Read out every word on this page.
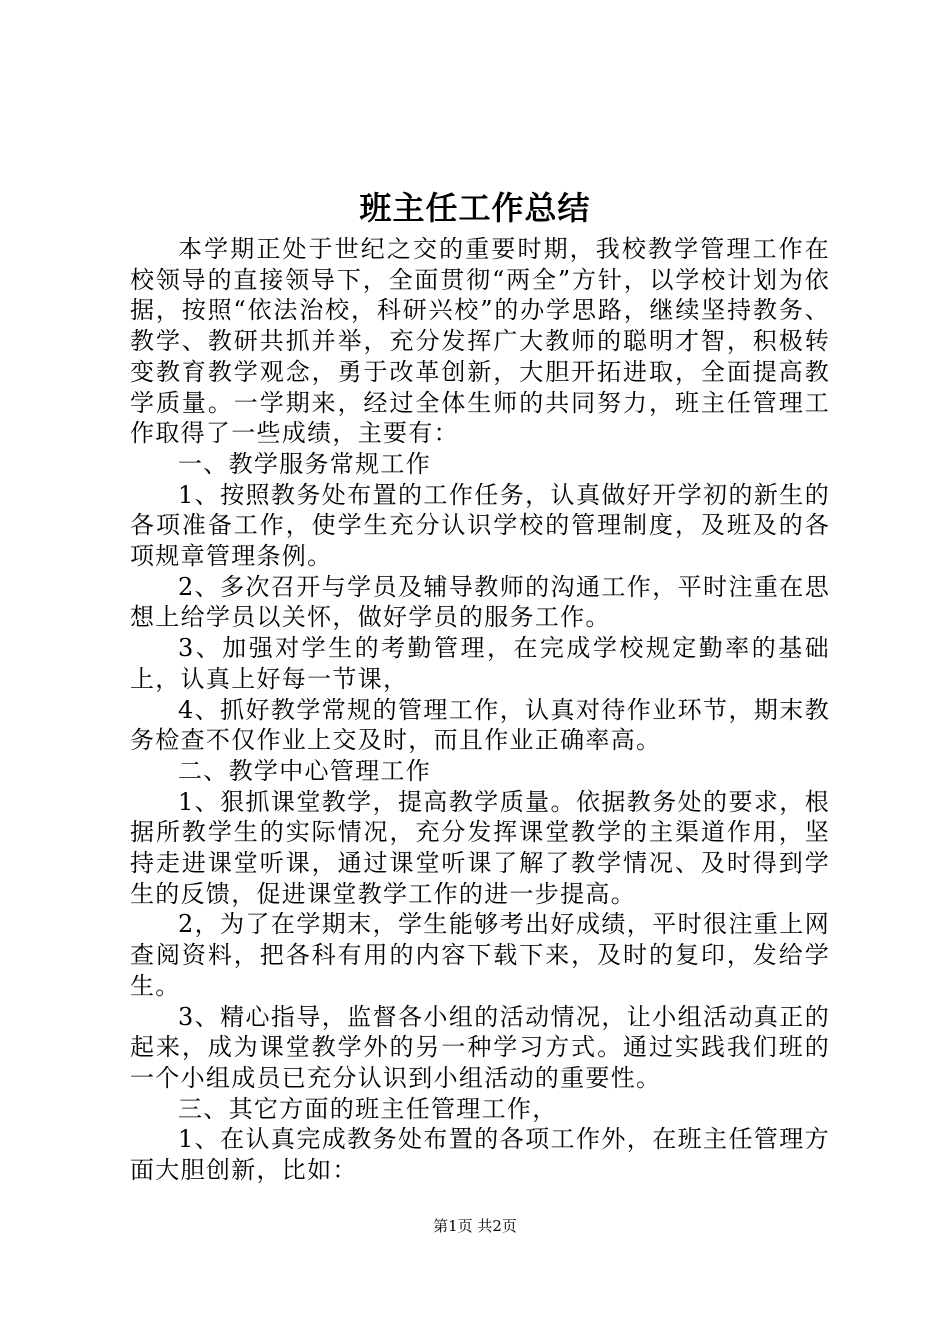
班主任工作总结

本学期正处于世纪之交的重要时期，我校教学管理工作在校领导的直接领导下，全面贯彻“两全”方针，以学校计划为依据，按照“依法治校，科研兴校”的办学思路，继续坚持教务、教学、教研共抓并举，充分发挥广大教师的聪明才智，积极转变教育教学观念，勇于改革创新，大胆开拓进取，全面提高教学质量。一学期来，经过全体生师的共同努力，班主任管理工作取得了一些成绩，主要有：

一、教学服务常规工作

1、按照教务处布置的工作任务，认真做好开学初的新生的各项准备工作，使学生充分认识学校的管理制度，及班及的各项规章管理条例。

2、多次召开与学员及辅导教师的沟通工作，平时注重在思想上给学员以关怀，做好学员的服务工作。

3、加强对学生的考勤管理，在完成学校规定勤率的基础上，认真上好每一节课，

4、抓好教学常规的管理工作，认真对待作业环节，期末教务检查不仅作业上交及时，而且作业正确率高。

二、教学中心管理工作

1、狠抓课堂教学，提高教学质量。依据教务处的要求，根据所教学生的实际情况，充分发挥课堂教学的主渠道作用，坚持走进课堂听课，通过课堂听课了解了教学情况、及时得到学生的反馈，促进课堂教学工作的进一步提高。

2，为了在学期末，学生能够考出好成绩，平时很注重上网查阅资料，把各科有用的内容下载下来，及时的复印，发给学生。

3、精心指导，监督各小组的活动情况，让小组活动真正的起来，成为课堂教学外的另一种学习方式。通过实践我们班的一个小组成员已充分认识到小组活动的重要性。

三、其它方面的班主任管理工作，

1、在认真完成教务处布置的各项工作外，在班主任管理方面大胆创新，比如：

第1页 共2页
